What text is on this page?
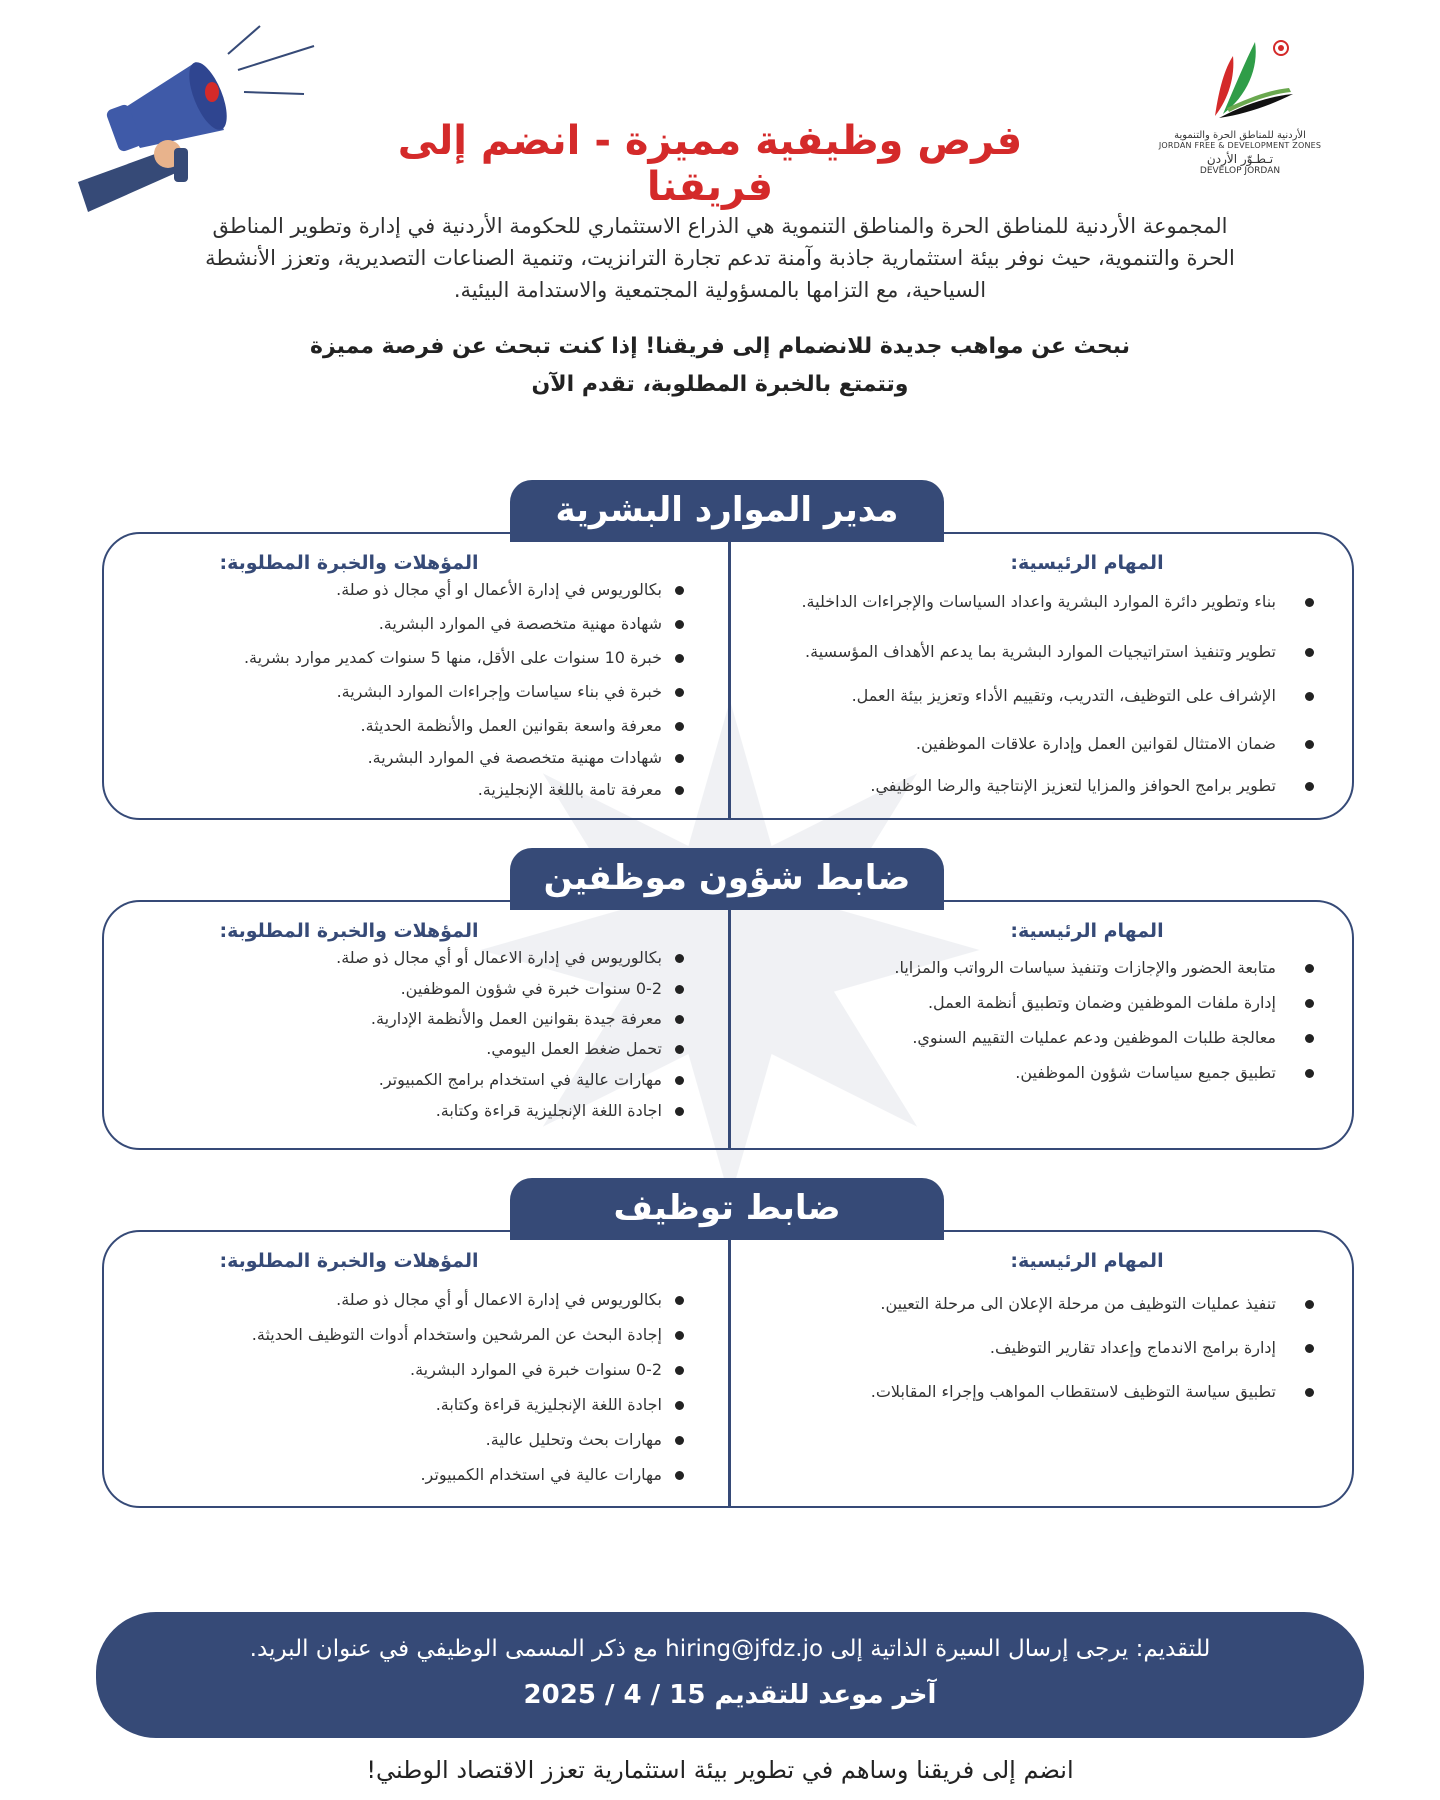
الأردنية للمناطق الحرة والتنموية
JORDAN FREE & DEVELOPMENT ZONES
تـطـوّر الأردن
DEVELOP JORDAN
فرص وظيفية مميزة - انضم إلى فريقنا
المجموعة الأردنية للمناطق الحرة والمناطق التنموية هي الذراع الاستثماري للحكومة الأردنية في إدارة وتطوير المناطق الحرة والتنموية، حيث نوفر بيئة استثمارية جاذبة وآمنة تدعم تجارة الترانزيت، وتنمية الصناعات التصديرية، وتعزز الأنشطة السياحية، مع التزامها بالمسؤولية المجتمعية والاستدامة البيئية.
نبحث عن مواهب جديدة للانضمام إلى فريقنا! إذا كنت تبحث عن فرصة مميزة
وتتمتع بالخبرة المطلوبة، تقدم الآن
مدير الموارد البشرية
المهام الرئيسية:
بناء وتطوير دائرة الموارد البشرية واعداد السياسات والإجراءات الداخلية.
تطوير وتنفيذ استراتيجيات الموارد البشرية بما يدعم الأهداف المؤسسية.
الإشراف على التوظيف، التدريب، وتقييم الأداء وتعزيز بيئة العمل.
ضمان الامتثال لقوانين العمل وإدارة علاقات الموظفين.
تطوير برامج الحوافز والمزايا لتعزيز الإنتاجية والرضا الوظيفي.
المؤهلات والخبرة المطلوبة:
بكالوريوس في إدارة الأعمال او أي مجال ذو صلة.
شهادة مهنية متخصصة في الموارد البشرية.
خبرة 10 سنوات على الأقل، منها 5 سنوات كمدير موارد بشرية.
خبرة في بناء سياسات وإجراءات الموارد البشرية.
معرفة واسعة بقوانين العمل والأنظمة الحديثة.
شهادات مهنية متخصصة في الموارد البشرية.
معرفة تامة باللغة الإنجليزية.
ضابط شؤون موظفين
المهام الرئيسية:
متابعة الحضور والإجازات وتنفيذ سياسات الرواتب والمزايا.
إدارة ملفات الموظفين وضمان وتطبيق أنظمة العمل.
معالجة طلبات الموظفين ودعم عمليات التقييم السنوي.
تطبيق جميع سياسات شؤون الموظفين.
المؤهلات والخبرة المطلوبة:
بكالوريوس في إدارة الاعمال أو أي مجال ذو صلة.
0-2 سنوات خبرة في شؤون الموظفين.
معرفة جيدة بقوانين العمل والأنظمة الإدارية.
تحمل ضغط العمل اليومي.
مهارات عالية في استخدام برامج الكمبيوتر.
اجادة اللغة الإنجليزية قراءة وكتابة.
ضابط توظيف
المهام الرئيسية:
تنفيذ عمليات التوظيف من مرحلة الإعلان الى مرحلة التعيين.
إدارة برامج الاندماج وإعداد تقارير التوظيف.
تطبيق سياسة التوظيف لاستقطاب المواهب وإجراء المقابلات.
المؤهلات والخبرة المطلوبة:
بكالوريوس في إدارة الاعمال أو أي مجال ذو صلة.
إجادة البحث عن المرشحين واستخدام أدوات التوظيف الحديثة.
0-2 سنوات خبرة في الموارد البشرية.
اجادة اللغة الإنجليزية قراءة وكتابة.
مهارات بحث وتحليل عالية.
مهارات عالية في استخدام الكمبيوتر.
للتقديم: يرجى إرسال السيرة الذاتية إلى hiring@jfdz.jo مع ذكر المسمى الوظيفي في عنوان البريد.
آخر موعد للتقديم 15 / 4 / 2025
انضم إلى فريقنا وساهم في تطوير بيئة استثمارية تعزز الاقتصاد الوطني!
